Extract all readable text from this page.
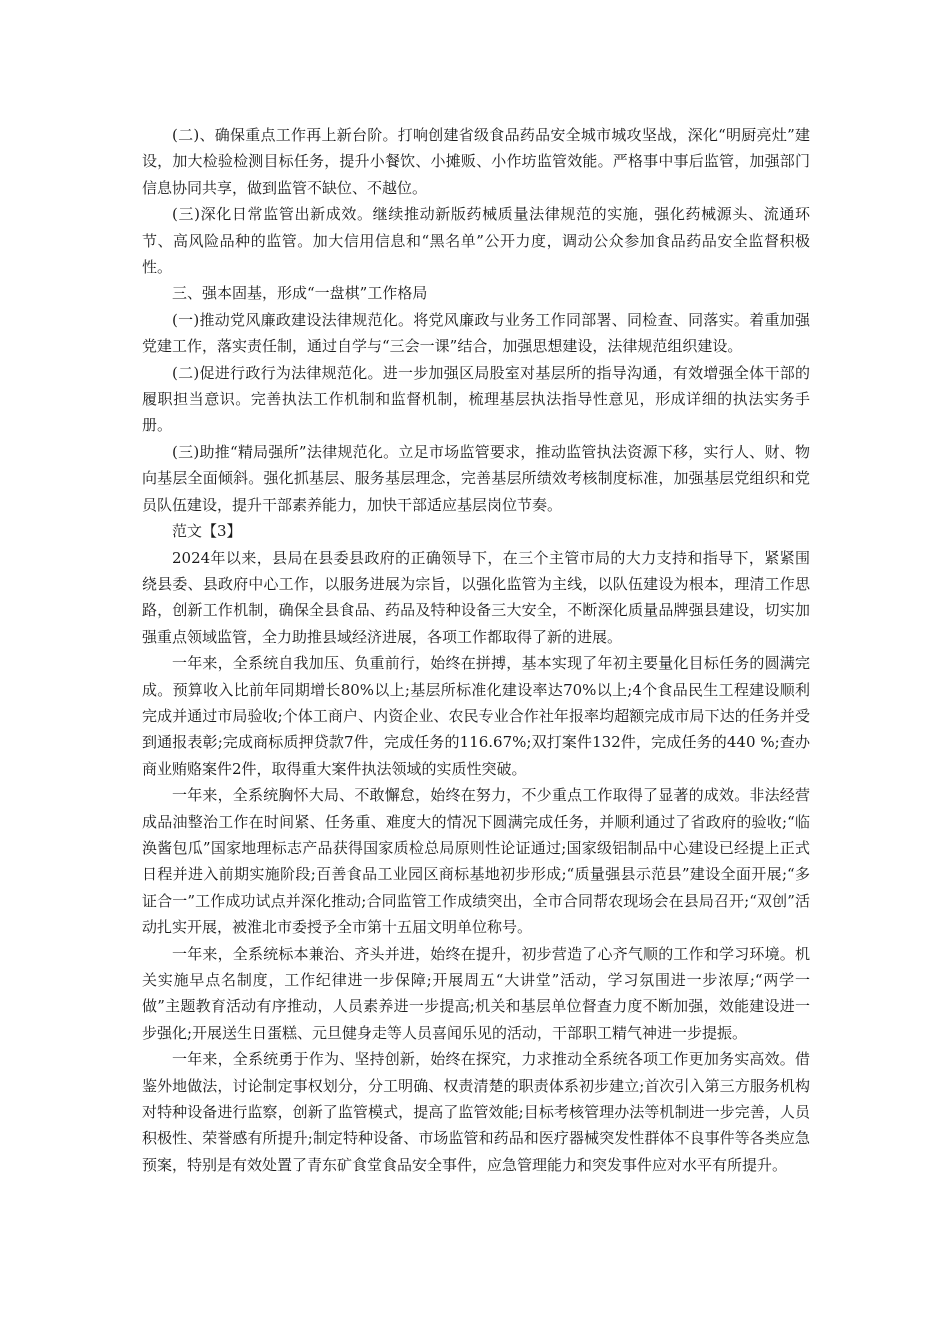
(二)、确保重点工作再上新台阶。打响创建省级食品药品安全城市城攻坚战，深化“明厨亮灶”建设，加大检验检测目标任务，提升小餐饮、小摊贩、小作坊监管效能。严格事中事后监管，加强部门信息协同共享，做到监管不缺位、不越位。

(三)深化日常监管出新成效。继续推动新版药械质量法律规范的实施，强化药械源头、流通环节、高风险品种的监管。加大信用信息和“黑名单”公开力度，调动公众参加食品药品安全监督积极性。

三、强本固基，形成“一盘棋”工作格局

(一)推动党风廉政建设法律规范化。将党风廉政与业务工作同部署、同检查、同落实。着重加强党建工作，落实责任制，通过自学与“三会一课”结合，加强思想建设，法律规范组织建设。

(二)促进行政行为法律规范化。进一步加强区局股室对基层所的指导沟通，有效增强全体干部的履职担当意识。完善执法工作机制和监督机制，梳理基层执法指导性意见，形成详细的执法实务手册。

(三)助推“精局强所”法律规范化。立足市场监管要求，推动监管执法资源下移，实行人、财、物向基层全面倾斜。强化抓基层、服务基层理念，完善基层所绩效考核制度标准，加强基层党组织和党员队伍建设，提升干部素养能力，加快干部适应基层岗位节奏。

范文【3】

2024年以来，县局在县委县政府的正确领导下，在三个主管市局的大力支持和指导下，紧紧围绕县委、县政府中心工作，以服务进展为宗旨，以强化监管为主线，以队伍建设为根本，理清工作思路，创新工作机制，确保全县食品、药品及特种设备三大安全，不断深化质量品牌强县建设，切实加强重点领域监管，全力助推县域经济进展，各项工作都取得了新的进展。

一年来，全系统自我加压、负重前行，始终在拼搏，基本实现了年初主要量化目标任务的圆满完成。预算收入比前年同期增长80%以上;基层所标准化建设率达70%以上;4个食品民生工程建设顺利完成并通过市局验收;个体工商户、内资企业、农民专业合作社年报率均超额完成市局下达的任务并受到通报表彰;完成商标质押贷款7件，完成任务的116.67%;双打案件132件，完成任务的440 %;查办商业贿赂案件2件，取得重大案件执法领域的实质性突破。

一年来，全系统胸怀大局、不敢懈怠，始终在努力，不少重点工作取得了显著的成效。非法经营成品油整治工作在时间紧、任务重、难度大的情况下圆满完成任务，并顺利通过了省政府的验收;“临涣酱包瓜”国家地理标志产品获得国家质检总局原则性论证通过;国家级铝制品中心建设已经提上正式日程并进入前期实施阶段;百善食品工业园区商标基地初步形成;“质量强县示范县”建设全面开展;“多证合一”工作成功试点并深化推动;合同监管工作成绩突出，全市合同帮农现场会在县局召开;“双创”活动扎实开展，被淮北市委授予全市第十五届文明单位称号。

一年来，全系统标本兼治、齐头并进，始终在提升，初步营造了心齐气顺的工作和学习环境。机关实施早点名制度，工作纪律进一步保障;开展周五“大讲堂”活动，学习氛围进一步浓厚;“两学一做”主题教育活动有序推动，人员素养进一步提高;机关和基层单位督查力度不断加强，效能建设进一步强化;开展送生日蛋糕、元旦健身走等人员喜闻乐见的活动，干部职工精气神进一步提振。

一年来，全系统勇于作为、坚持创新，始终在探究，力求推动全系统各项工作更加务实高效。借鉴外地做法，讨论制定事权划分，分工明确、权责清楚的职责体系初步建立;首次引入第三方服务机构对特种设备进行监察，创新了监管模式，提高了监管效能;目标考核管理办法等机制进一步完善，人员积极性、荣誉感有所提升;制定特种设备、市场监管和药品和医疗器械突发性群体不良事件等各类应急预案，特别是有效处置了青东矿食堂食品安全事件，应急管理能力和突发事件应对水平有所提升。
